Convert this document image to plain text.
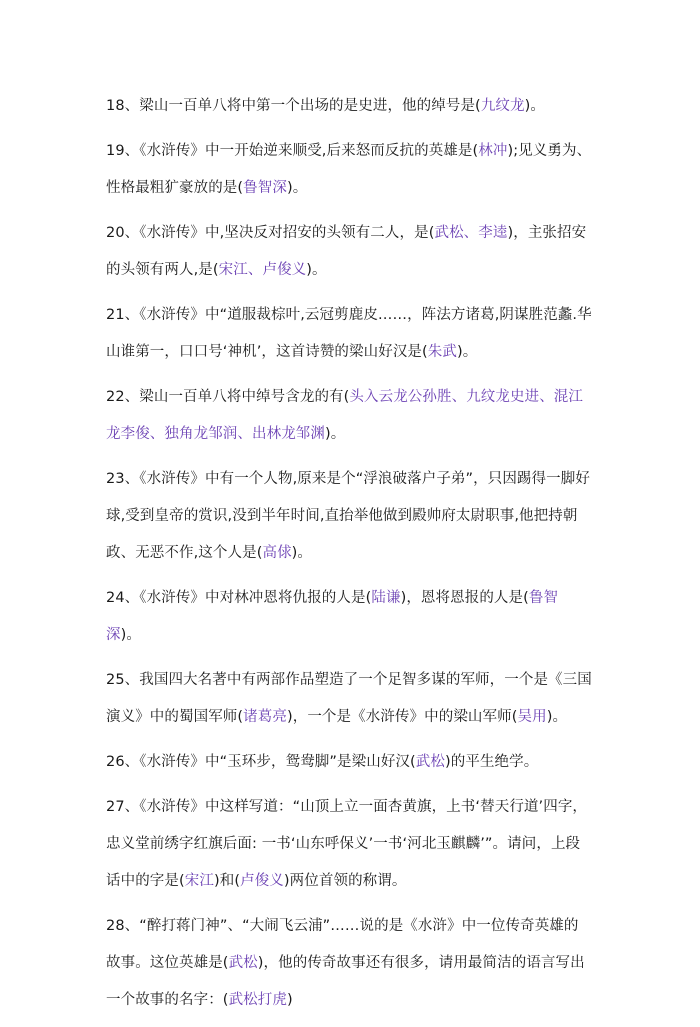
18、梁山一百单八将中第一个出场的是史进，他的绰号是(九纹龙)。

19、《水浒传》中一开始逆来顺受,后来怒而反抗的英雄是(林冲);见义勇为、性格最粗犷豪放的是(鲁智深)。

20、《水浒传》中,坚决反对招安的头领有二人，是(武松、李逵)，主张招安的头领有两人,是(宋江、卢俊义)。

21、《水浒传》中“道服裁棕叶,云冠剪鹿皮……，阵法方诸葛,阴谋胜范蠡.华山谁第一，口口号‘神机’，这首诗赞的梁山好汉是(朱武)。

22、梁山一百单八将中绰号含龙的有(头入云龙公孙胜、九纹龙史进、混江龙李俊、独角龙邹润、出林龙邹渊)。

23、《水浒传》中有一个人物,原来是个“浮浪破落户子弟”，只因踢得一脚好球,受到皇帝的赏识,没到半年时间,直抬举他做到殿帅府太尉职事,他把持朝政、无恶不作,这个人是(高俅)。

24、《水浒传》中对林冲恩将仇报的人是(陆谦)，恩将恩报的人是(鲁智深)。

25、我国四大名著中有两部作品塑造了一个足智多谋的军师，一个是《三国演义》中的蜀国军师(诸葛亮)，一个是《水浒传》中的梁山军师(吴用)。

26、《水浒传》中“玉环步，鸳鸯脚”是梁山好汉(武松)的平生绝学。

27、《水浒传》中这样写道：“山顶上立一面杏黄旗，上书‘替天行道’四字，忠义堂前绣字红旗后面: 一书‘山东呼保义’一书‘河北玉麒麟’”。请问，上段话中的字是(宋江)和(卢俊义)两位首领的称谓。

28、“醉打蒋门神”、“大闹飞云浦”……说的是《水浒》中一位传奇英雄的故事。这位英雄是(武松)，他的传奇故事还有很多，请用最简洁的语言写出一个故事的名字：(武松打虎)
